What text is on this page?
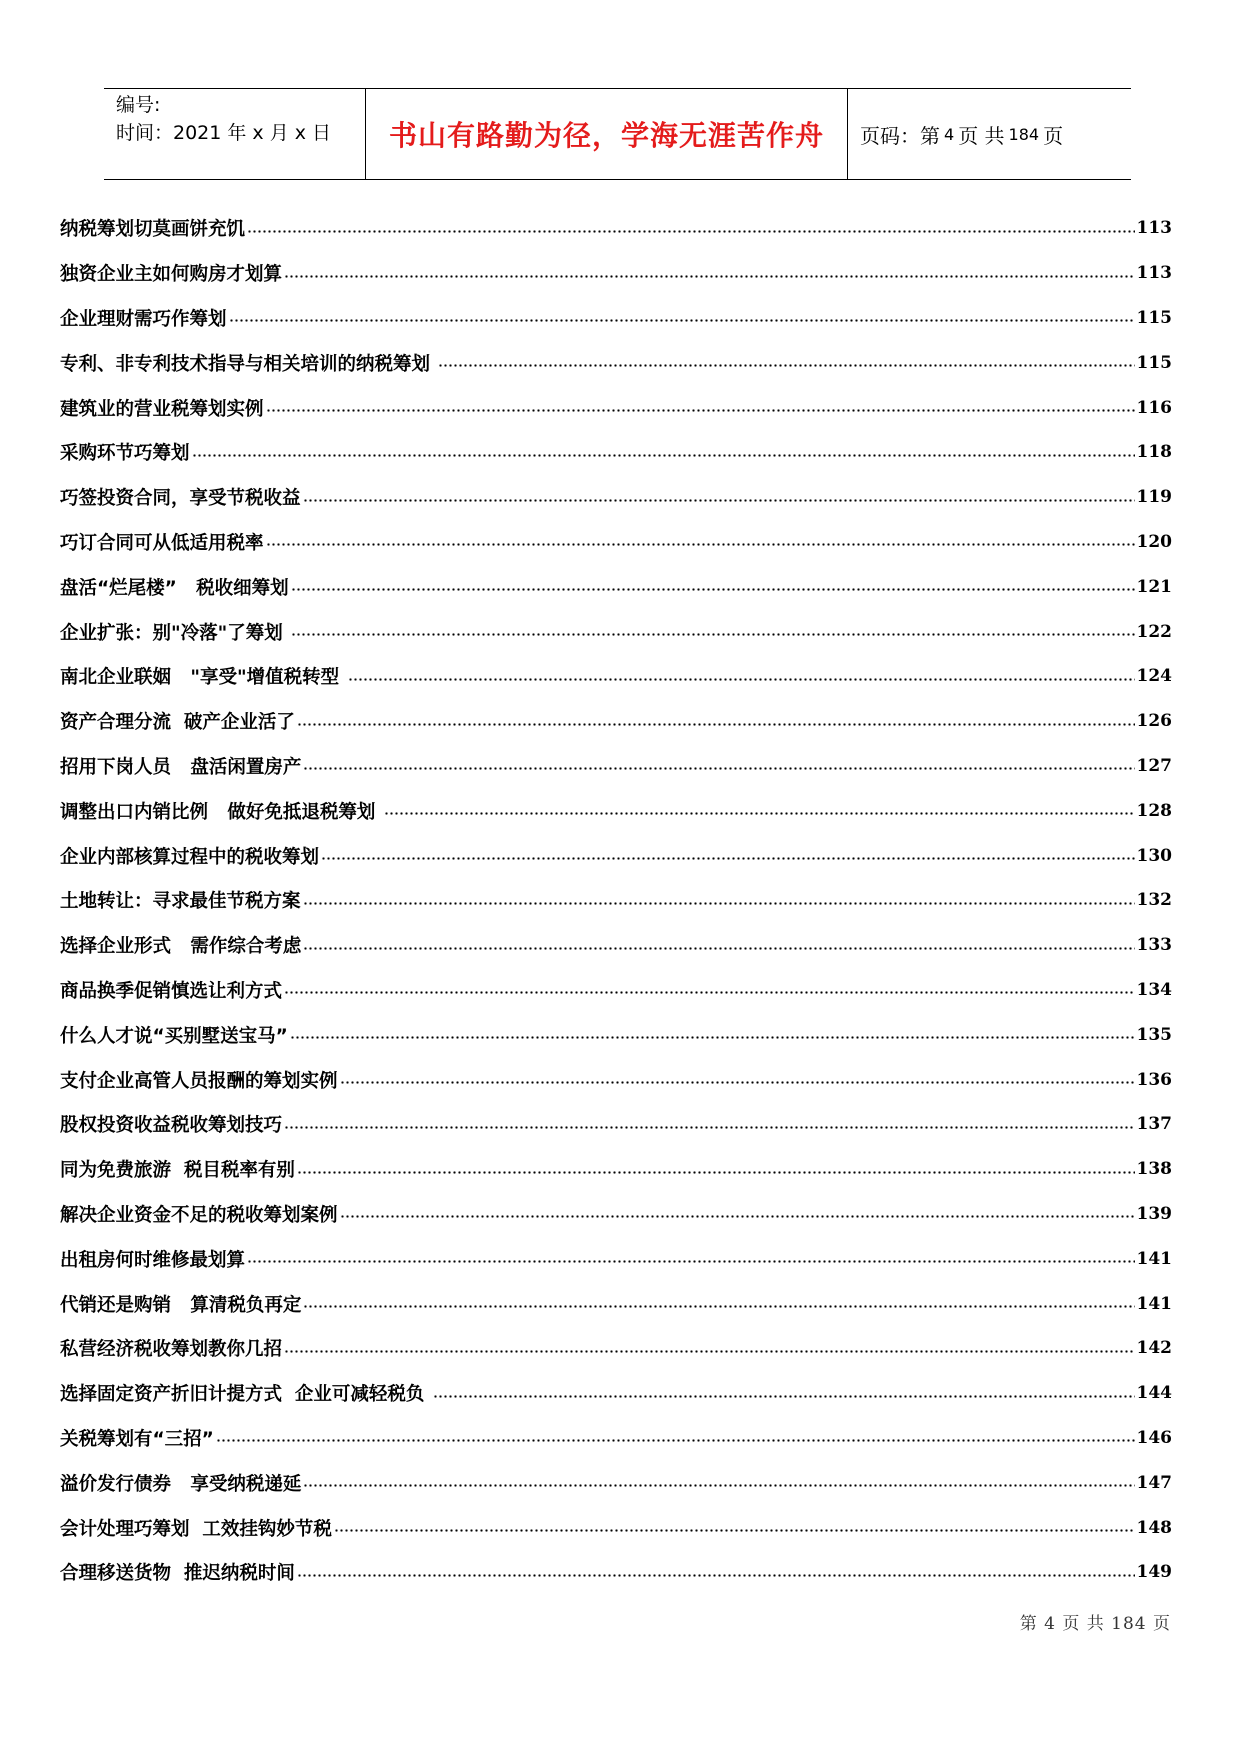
编号:
时间：2021 年 x 月 x 日	书山有路勤为径，学海无涯苦作舟	页码：第 4 页 共 184 页
纳税筹划切莫画饼充饥	113
独资企业主如何购房才划算	113
企业理财需巧作筹划	115
专利、非专利技术指导与相关培训的纳税筹划	115
建筑业的营业税筹划实例	116
采购环节巧筹划	118
巧签投资合同，享受节税收益	119
巧订合同可从低适用税率	120
盘活“烂尾楼”   税收细筹划	121
企业扩张：别"冷落"了筹划	122
南北企业联姻   "享受"增值税转型	124
资产合理分流  破产企业活了	126
招用下岗人员   盘活闲置房产	127
调整出口内销比例   做好免抵退税筹划	128
企业内部核算过程中的税收筹划	130
土地转让：寻求最佳节税方案	132
选择企业形式   需作综合考虑	133
商品换季促销慎选让利方式	134
什么人才说“买别墅送宝马”	135
支付企业高管人员报酬的筹划实例	136
股权投资收益税收筹划技巧	137
同为免费旅游  税目税率有别	138
解决企业资金不足的税收筹划案例	139
出租房何时维修最划算	141
代销还是购销   算清税负再定	141
私营经济税收筹划教你几招	142
选择固定资产折旧计提方式  企业可减轻税负	144
关税筹划有“三招”	146
溢价发行债券   享受纳税递延	147
会计处理巧筹划  工效挂钩妙节税	148
合理移送货物  推迟纳税时间	149
第 4 页 共 184 页
